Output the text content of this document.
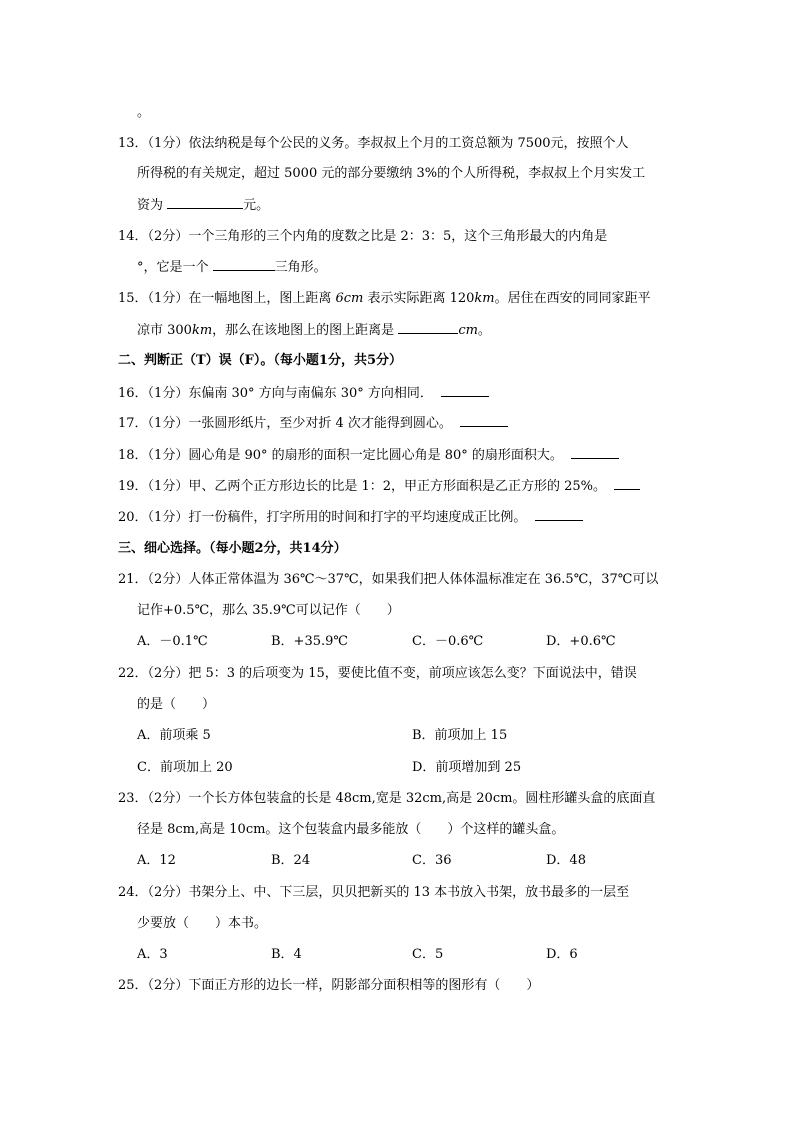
。
13．（1分）依法纳税是每个公民的义务。李叔叔上个月的工资总额为 7500元，按照个人
所得税的有关规定，超过 5000 元的部分要缴纳 3%的个人所得税，李叔叔上个月实发工
资为	元。
14．（2分）一个三角形的三个内角的度数之比是 2：3：5，这个三角形最大的内角是
°，它是一个	三角形。
15．（1分）在一幅地图上，图上距离 6cm 表示实际距离 120km。居住在西安的同同家距平
凉市 300km，那么在该地图上的图上距离是	cm。
二、判断正（T）误（F）。（每小题1分，共5分）
16．（1分）东偏南 30° 方向与南偏东 30° 方向相同．
17．（1分）一张圆形纸片，至少对折 4 次才能得到圆心。
18．（1分）圆心角是 90° 的扇形的面积一定比圆心角是 80° 的扇形面积大。
19．（1分）甲、乙两个正方形边长的比是 1：2，甲正方形面积是乙正方形的 25%。
20．（1分）打一份稿件，打字所用的时间和打字的平均速度成正比例。
三、细心选择。（每小题2分，共14分）
21．（2分）人体正常体温为 36℃～37℃，如果我们把人体体温标准定在 36.5℃，37℃可以
记作+0.5℃，那么 35.9℃可以记作（　　）
A．－0.1℃	B．+35.9℃	C．－0.6℃	D．+0.6℃
22．（2分）把 5：3 的后项变为 15，要使比值不变，前项应该怎么变？下面说法中，错误
的是（　　）
A．前项乘 5	B．前项加上 15
C．前项加上 20	D．前项增加到 25
23．（2分）一个长方体包装盒的长是 48cm,宽是 32cm,高是 20cm。圆柱形罐头盒的底面直
径是 8cm,高是 10cm。这个包装盒内最多能放（　　）个这样的罐头盒。
A．12	B．24	C．36	D．48
24．（2分）书架分上、中、下三层，贝贝把新买的 13 本书放入书架，放书最多的一层至
少要放（　　）本书。
A．3	B．4	C．5	D．6
25．（2分）下面正方形的边长一样，阴影部分面积相等的图形有（　　）
